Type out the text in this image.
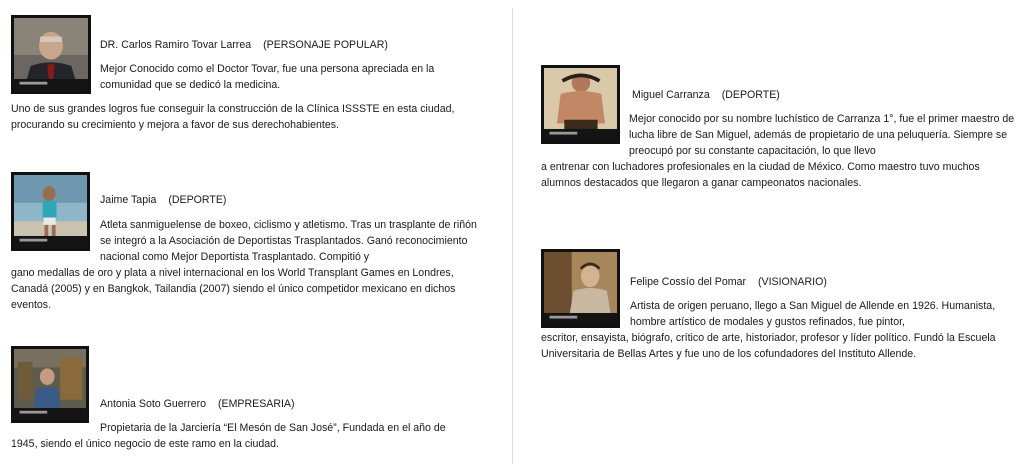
DR. Carlos Ramiro Tovar Larrea (PERSONAJE POPULAR)

Mejor Conocido como el Doctor Tovar, fue una persona apreciada en la comunidad que se dedicó la medicina.

Uno de sus grandes logros fue conseguir la construcción de la Clínica ISSSTE en esta ciudad, procurando su crecimiento y mejora a favor de sus derechohabientes.

Jaime Tapia (DEPORTE)

Atleta sanmiguelense de boxeo, ciclismo y atletismo. Tras un trasplante de riñón se integró a la Asociación de Deportistas Trasplantados. Ganó reconocimiento nacional como Mejor Deportista Trasplantado. Compitió y

gano medallas de oro y plata a nivel internacional en los World Transplant Games en Londres, Canadá (2005) y en Bangkok, Tailandia (2007) siendo el único competidor mexicano en dichos eventos.

Antonia Soto Guerrero (EMPRESARIA)

Propietaria de la Jarciería “El Mesón de San José”, Fundada en el año de

1945, siendo el único negocio de este ramo en la ciudad.

Miguel Carranza (DEPORTE)

Mejor conocido por su nombre luchístico de Carranza 1°, fue el primer maestro de lucha libre de San Miguel, además de propietario de una peluquería. Siempre se preocupó por su constante capacitación, lo que llevo

a entrenar con luchadores profesionales en la ciudad de México. Como maestro tuvo muchos alumnos destacados que llegaron a ganar campeonatos nacionales.

Felipe Cossío del Pomar (VISIONARIO)

Artista de origen peruano, llego a San Miguel de Allende en 1926. Humanista, hombre artístico de modales y gustos refinados, fue pintor,

escritor, ensayista, biógrafo, crítico de arte, historiador, profesor y líder político. Fundó la Escuela Universitaria de Bellas Artes y fue uno de los cofundadores del Instituto Allende.
